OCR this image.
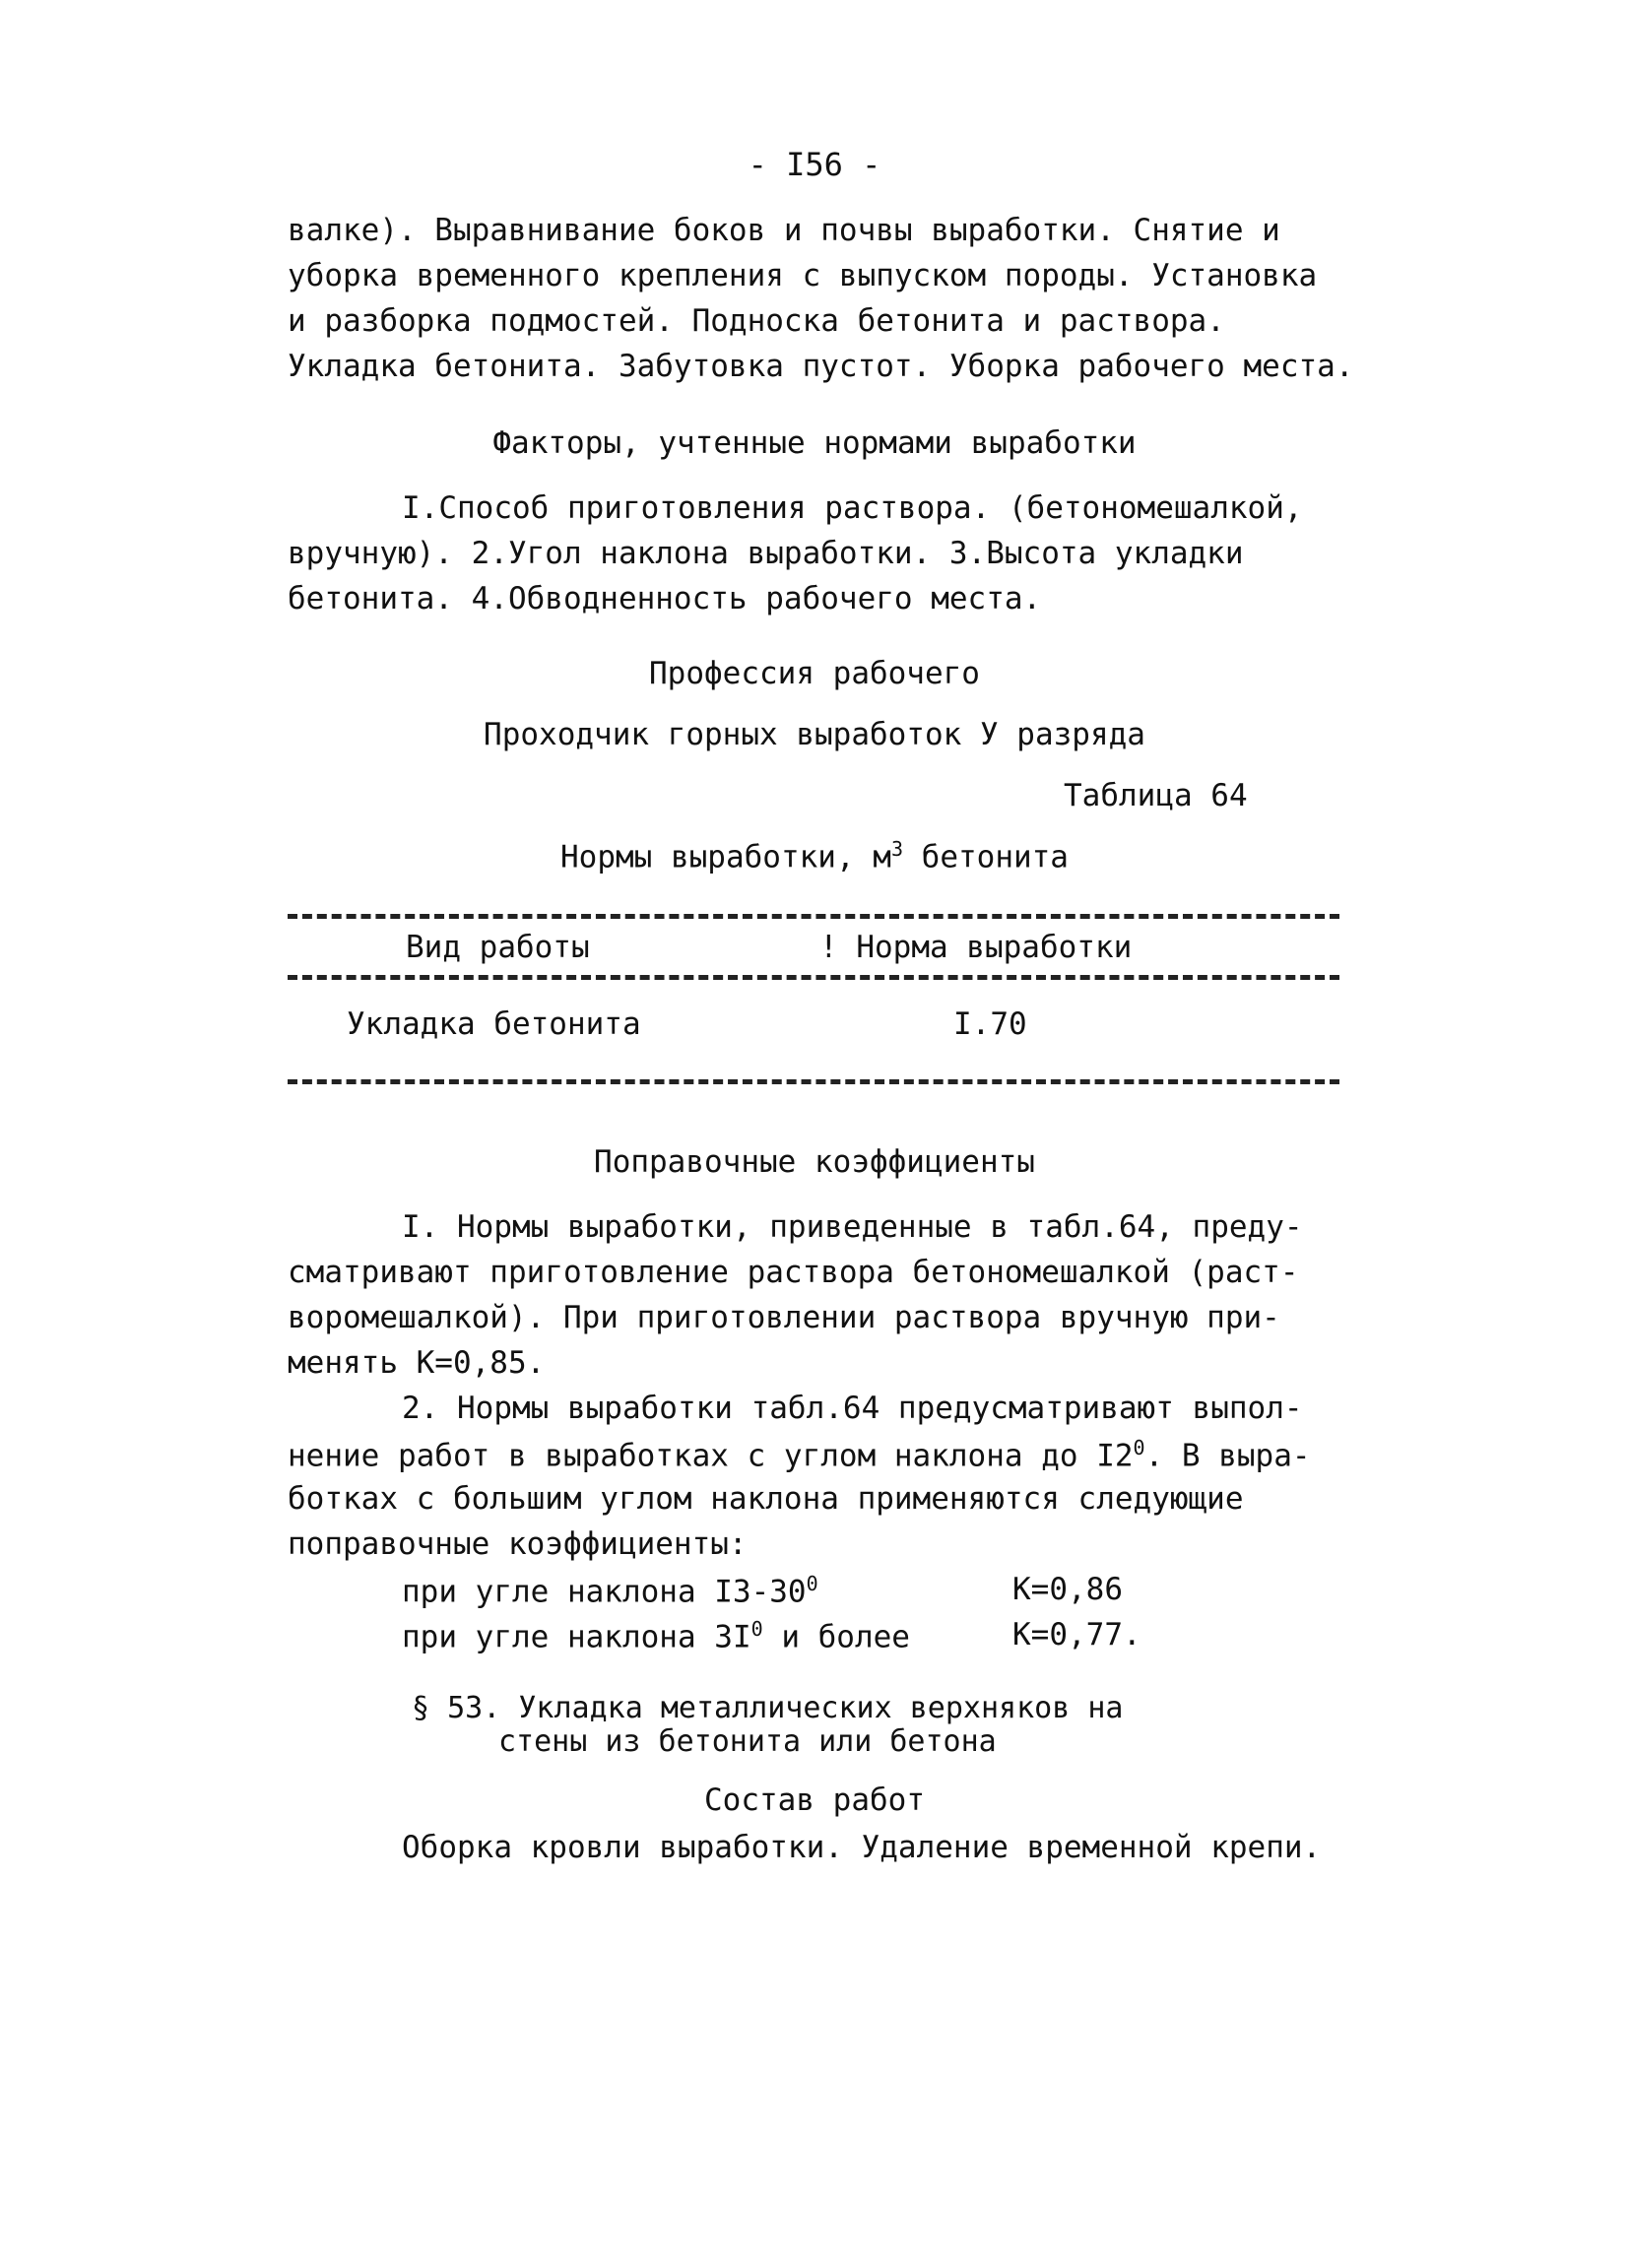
- I56 -
валке). Выравнивание боков и почвы выработки. Снятие и
уборка временного крепления с выпуском породы. Установка
и разборка подмостей. Подноска бетонита и раствора.
Укладка бетонита. Забутовка пустот. Уборка рабочего места.
Факторы, учтенные нормами выработки
I.Способ приготовления раствора. (бетономешалкой,
вручную). 2.Угол наклона выработки. 3.Высота укладки
бетонита. 4.Обводненность рабочего места.
Профессия рабочего
Проходчик горных выработок У разряда
Таблица 64
Нормы выработки, $м^3$ бетонита
Вид работы	! Норма выработки
Укладка бетонита	I.70
Поправочные коэффициенты
I. Нормы выработки, приведенные в табл.64, преду-
сматривают приготовление раствора бетономешалкой (раст-
воромешалкой). При приготовлении раствора вручную при-
менять К=0,85.
2. Нормы выработки табл.64 предусматривают выпол-
нение работ в выработках с углом наклона до $I2^0$. В выра-
ботках с большим углом наклона применяются следующие
поправочные коэффициенты:
при угле наклона $I3-30^0$	К=0,86
при угле наклона $3I^0$ и более	К=0,77.
§ 53. Укладка металлических верхняков на
стены из бетонита или бетона
Состав работ
Оборка кровли выработки. Удаление временной крепи.
